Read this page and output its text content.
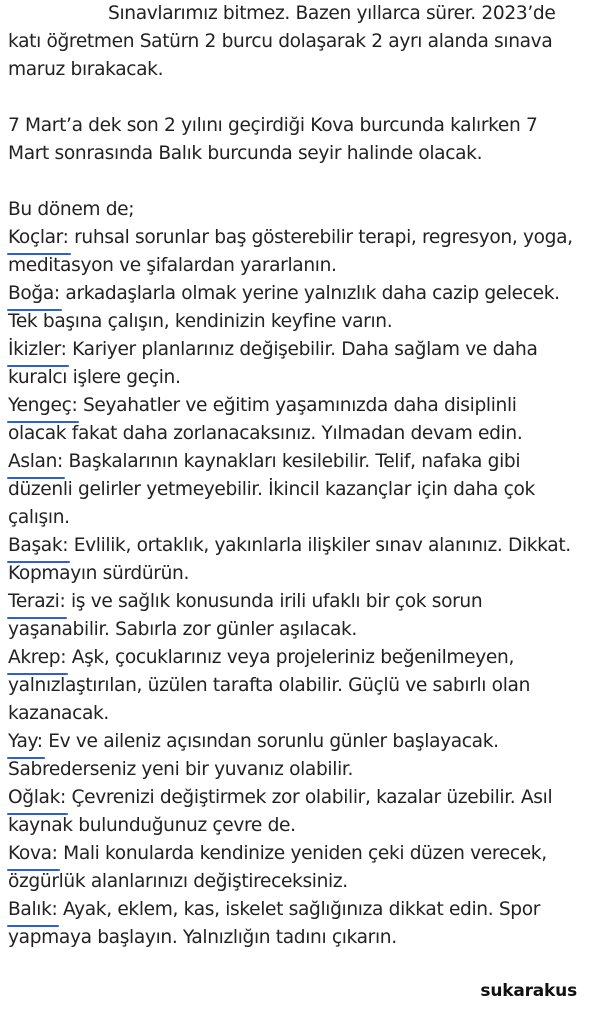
Sınavlarımız bitmez. Bazen yıllarca sürer. 2023’de
katı öğretmen Satürn 2 burcu dolaşarak 2 ayrı alanda sınava
maruz bırakacak.
7 Mart’a dek son 2 yılını geçirdiği Kova burcunda kalırken 7
Mart sonrasında Balık burcunda seyir halinde olacak.
Bu dönem de;
Koçlar: ruhsal sorunlar baş gösterebilir terapi, regresyon, yoga,
meditasyon ve şifalardan yararlanın.
Boğa: arkadaşlarla olmak yerine yalnızlık daha cazip gelecek.
Tek başına çalışın, kendinizin keyfine varın.
İkizler: Kariyer planlarınız değişebilir. Daha sağlam ve daha
kuralcı işlere geçin.
Yengeç: Seyahatler ve eğitim yaşamınızda daha disiplinli
olacak fakat daha zorlanacaksınız. Yılmadan devam edin.
Aslan: Başkalarının kaynakları kesilebilir. Telif, nafaka gibi
düzenli gelirler yetmeyebilir. İkincil kazançlar için daha çok
çalışın.
Başak: Evlilik, ortaklık, yakınlarla ilişkiler sınav alanınız. Dikkat.
Kopmayın sürdürün.
Terazi: iş ve sağlık konusunda irili ufaklı bir çok sorun
yaşanabilir. Sabırla zor günler aşılacak.
Akrep: Aşk, çocuklarınız veya projeleriniz beğenilmeyen,
yalnızlaştırılan, üzülen tarafta olabilir. Güçlü ve sabırlı olan
kazanacak.
Yay: Ev ve aileniz açısından sorunlu günler başlayacak.
Sabrederseniz yeni bir yuvanız olabilir.
Oğlak: Çevrenizi değiştirmek zor olabilir, kazalar üzebilir. Asıl
kaynak bulunduğunuz çevre de.
Kova: Mali konularda kendinize yeniden çeki düzen verecek,
özgürlük alanlarınızı değiştireceksiniz.
Balık: Ayak, eklem, kas, iskelet sağlığınıza dikkat edin. Spor
yapmaya başlayın. Yalnızlığın tadını çıkarın.
sukarakus
